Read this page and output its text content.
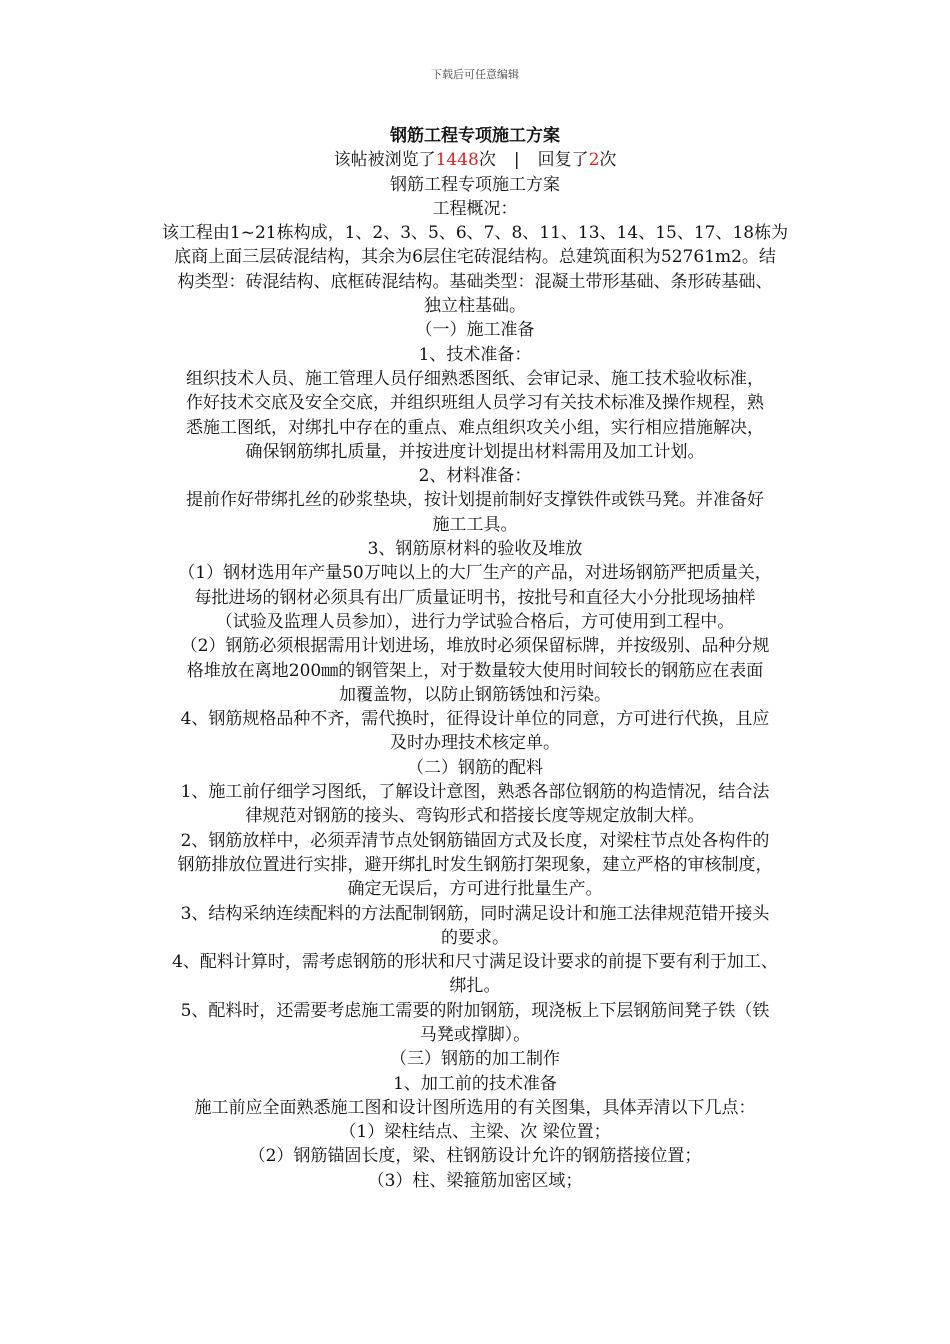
下载后可任意编辑

钢筋工程专项施工方案

该帖被浏览了1448次 | 回复了2次

钢筋工程专项施工方案

工程概况：

该工程由1~21栋构成，1、2、3、5、6、7、8、11、13、14、15、17、18栋为

底商上面三层砖混结构，其余为6层住宅砖混结构。总建筑面积为52761m2。结

构类型：砖混结构、底框砖混结构。基础类型：混凝土带形基础、条形砖基础、

独立柱基础。

（一）施工准备

1、技术准备：

组织技术人员、施工管理人员仔细熟悉图纸、会审记录、施工技术验收标准，

作好技术交底及安全交底，并组织班组人员学习有关技术标准及操作规程，熟

悉施工图纸，对绑扎中存在的重点、难点组织攻关小组，实行相应措施解决，

确保钢筋绑扎质量，并按进度计划提出材料需用及加工计划。

2、材料准备：

提前作好带绑扎丝的砂浆垫块，按计划提前制好支撑铁件或铁马凳。并准备好

施工工具。

3、钢筋原材料的验收及堆放

（1）钢材选用年产量50万吨以上的大厂生产的产品，对进场钢筋严把质量关，

每批进场的钢材必须具有出厂质量证明书，按批号和直径大小分批现场抽样

（试验及监理人员参加），进行力学试验合格后，方可使用到工程中。

（2）钢筋必须根据需用计划进场，堆放时必须保留标牌，并按级别、品种分规

格堆放在离地200㎜的钢管架上，对于数量较大使用时间较长的钢筋应在表面

加覆盖物，以防止钢筋锈蚀和污染。

4、钢筋规格品种不齐，需代换时，征得设计单位的同意，方可进行代换，且应

及时办理技术核定单。

（二）钢筋的配料

1、施工前仔细学习图纸，了解设计意图，熟悉各部位钢筋的构造情况，结合法

律规范对钢筋的接头、弯钩形式和搭接长度等规定放制大样。

2、钢筋放样中，必须弄清节点处钢筋锚固方式及长度，对梁柱节点处各构件的

钢筋排放位置进行实排，避开绑扎时发生钢筋打架现象，建立严格的审核制度，

确定无误后，方可进行批量生产。

3、结构采纳连续配料的方法配制钢筋，同时满足设计和施工法律规范错开接头

的要求。

4、配料计算时，需考虑钢筋的形状和尺寸满足设计要求的前提下要有利于加工、

绑扎。

5、配料时，还需要考虑施工需要的附加钢筋，现浇板上下层钢筋间凳子铁（铁

马凳或撑脚）。

（三）钢筋的加工制作

1、加工前的技术准备

施工前应全面熟悉施工图和设计图所选用的有关图集，具体弄清以下几点：

（1）梁柱结点、主梁、次 梁位置；

（2）钢筋锚固长度，梁、柱钢筋设计允许的钢筋搭接位置；

（3）柱、梁箍筋加密区域；
